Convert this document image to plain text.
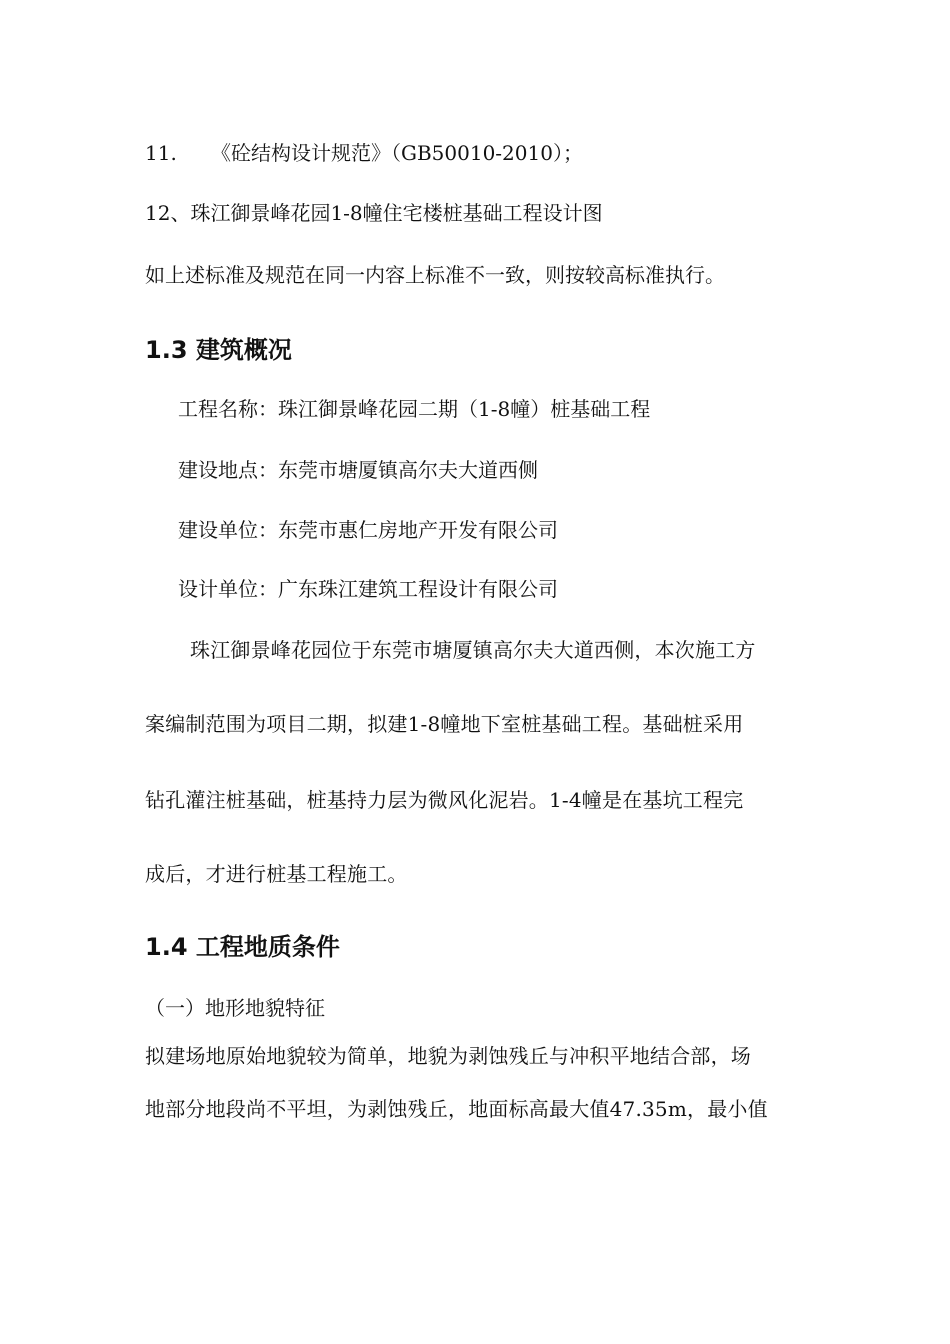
11. 《砼结构设计规范》（GB50010-2010）；

12、珠江御景峰花园1-8幢住宅楼桩基础工程设计图

如上述标准及规范在同一内容上标准不一致，则按较高标准执行。

1.3 建筑概况

工程名称：珠江御景峰花园二期（1-8幢）桩基础工程

建设地点：东莞市塘厦镇高尔夫大道西侧

建设单位：东莞市惠仁房地产开发有限公司

设计单位：广东珠江建筑工程设计有限公司

珠江御景峰花园位于东莞市塘厦镇高尔夫大道西侧，本次施工方

案编制范围为项目二期，拟建1-8幢地下室桩基础工程。基础桩采用

钻孔灌注桩基础，桩基持力层为微风化泥岩。1-4幢是在基坑工程完

成后，才进行桩基工程施工。

1.4 工程地质条件

（一）地形地貌特征

拟建场地原始地貌较为简单，地貌为剥蚀残丘与冲积平地结合部，场

地部分地段尚不平坦，为剥蚀残丘，地面标高最大值47.35m，最小值
